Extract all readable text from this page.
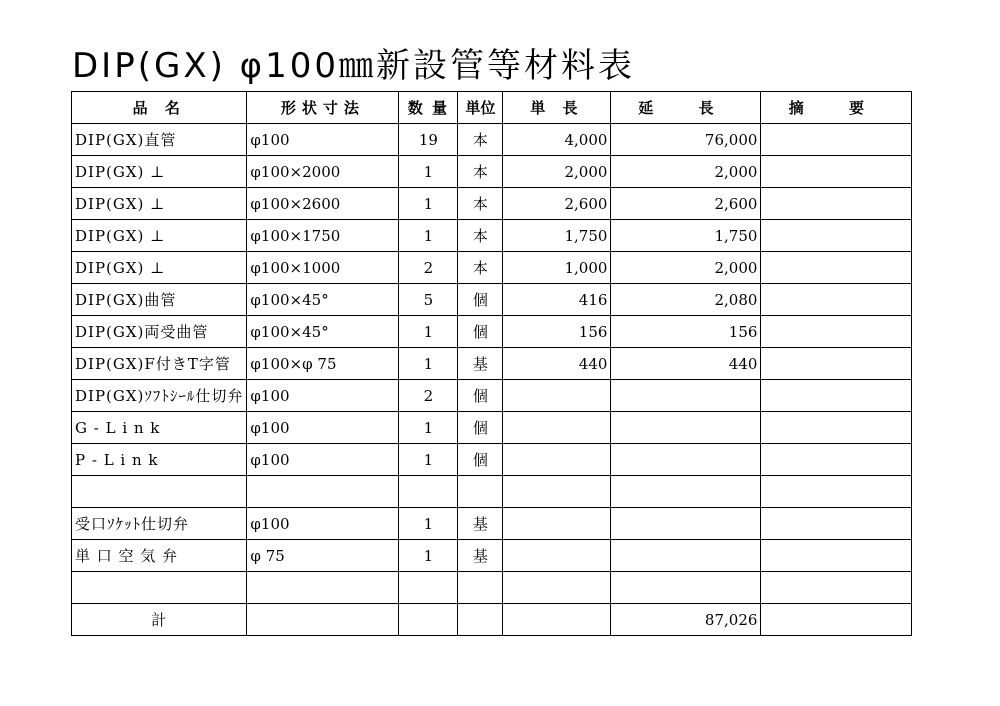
DIP(GX) φ100㎜新設管等材料表
品 名	形状寸法	数 量	単位	単 長	延 長	摘 要
DIP(GX)直管	φ100	19	本	4,000	76,000	
DIP(GX) ⊥	φ100×2000	1	本	2,000	2,000	
DIP(GX) ⊥	φ100×2600	1	本	2,600	2,600	
DIP(GX) ⊥	φ100×1750	1	本	1,750	1,750	
DIP(GX) ⊥	φ100×1000	2	本	1,000	2,000	
DIP(GX)曲管	φ100×45°	5	個	416	2,080	
DIP(GX)両受曲管	φ100×45°	1	個	156	156	
DIP(GX)F付きT字管	φ100×φ 75	1	基	440	440	
DIP(GX)ｿﾌﾄｼｰﾙ仕切弁	φ100	2	個			
G - L i n k	φ100	1	個			
P - L i n k	φ100	1	個			

受口ｿｹｯﾄ仕切弁	φ100	1	基			
単 口 空 気 弁	φ 75	1	基			

計					87,026	
